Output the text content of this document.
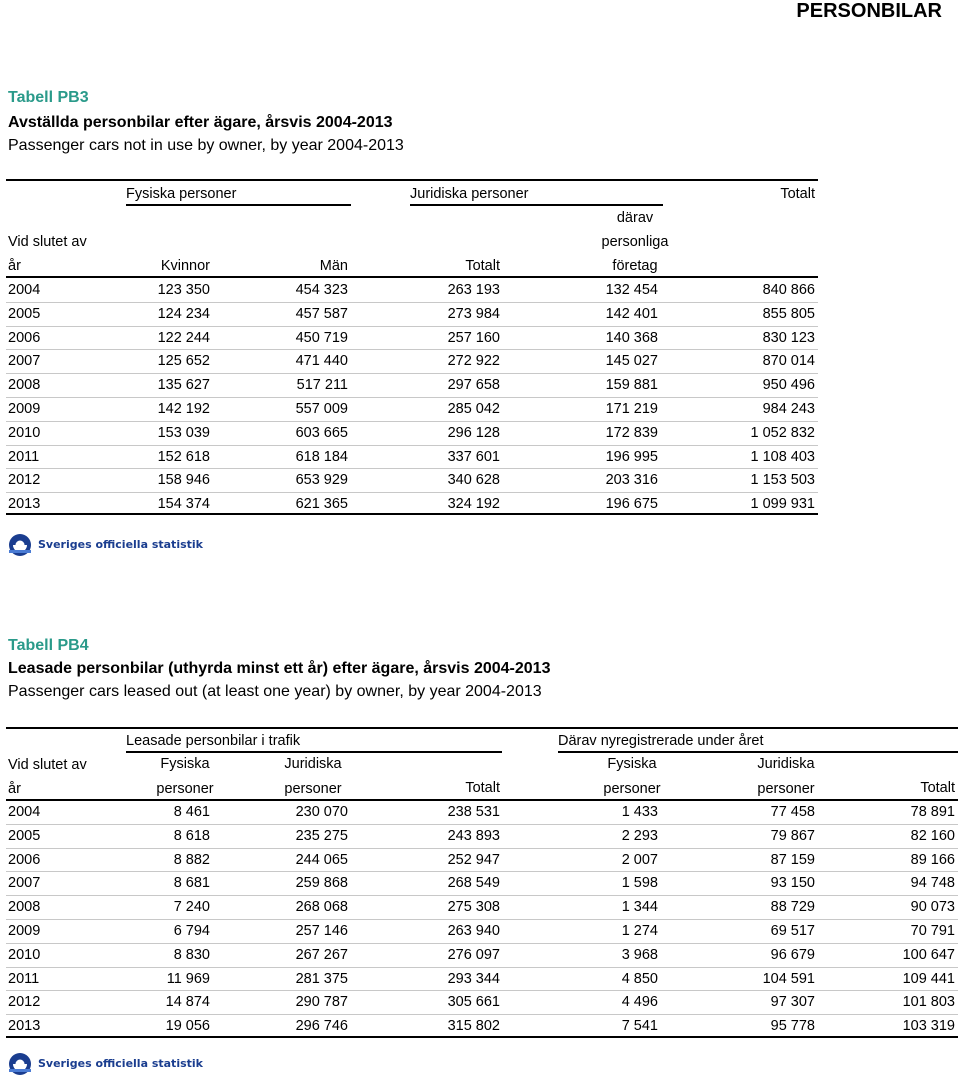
PERSONBILAR
Tabell PB3
Avställda personbilar efter ägare, årsvis 2004-2013
Passenger cars not in use by owner, by year 2004-2013
Fysiska personer	Juridiska personer	Totalt
därav
Vid slutet av	personliga
år	Kvinnor	Män	Totalt	företag
2004	123 350	454 323	263 193	132 454	840 866
2005	124 234	457 587	273 984	142 401	855 805
2006	122 244	450 719	257 160	140 368	830 123
2007	125 652	471 440	272 922	145 027	870 014
2008	135 627	517 211	297 658	159 881	950 496
2009	142 192	557 009	285 042	171 219	984 243
2010	153 039	603 665	296 128	172 839	1 052 832
2011	152 618	618 184	337 601	196 995	1 108 403
2012	158 946	653 929	340 628	203 316	1 153 503
2013	154 374	621 365	324 192	196 675	1 099 931
Sveriges officiella statistik
Tabell PB4
Leasade personbilar (uthyrda minst ett år) efter ägare, årsvis 2004-2013
Passenger cars leased out (at least one year) by owner, by year 2004-2013
Leasade personbilar i trafik	Därav nyregistrerade under året
Vid slutet av	Fysiska	Juridiska	Fysiska	Juridiska
år	personer	personer	Totalt	personer	personer	Totalt
2004	8 461	230 070	238 531	1 433	77 458	78 891
2005	8 618	235 275	243 893	2 293	79 867	82 160
2006	8 882	244 065	252 947	2 007	87 159	89 166
2007	8 681	259 868	268 549	1 598	93 150	94 748
2008	7 240	268 068	275 308	1 344	88 729	90 073
2009	6 794	257 146	263 940	1 274	69 517	70 791
2010	8 830	267 267	276 097	3 968	96 679	100 647
2011	11 969	281 375	293 344	4 850	104 591	109 441
2012	14 874	290 787	305 661	4 496	97 307	101 803
2013	19 056	296 746	315 802	7 541	95 778	103 319
Sveriges officiella statistik
